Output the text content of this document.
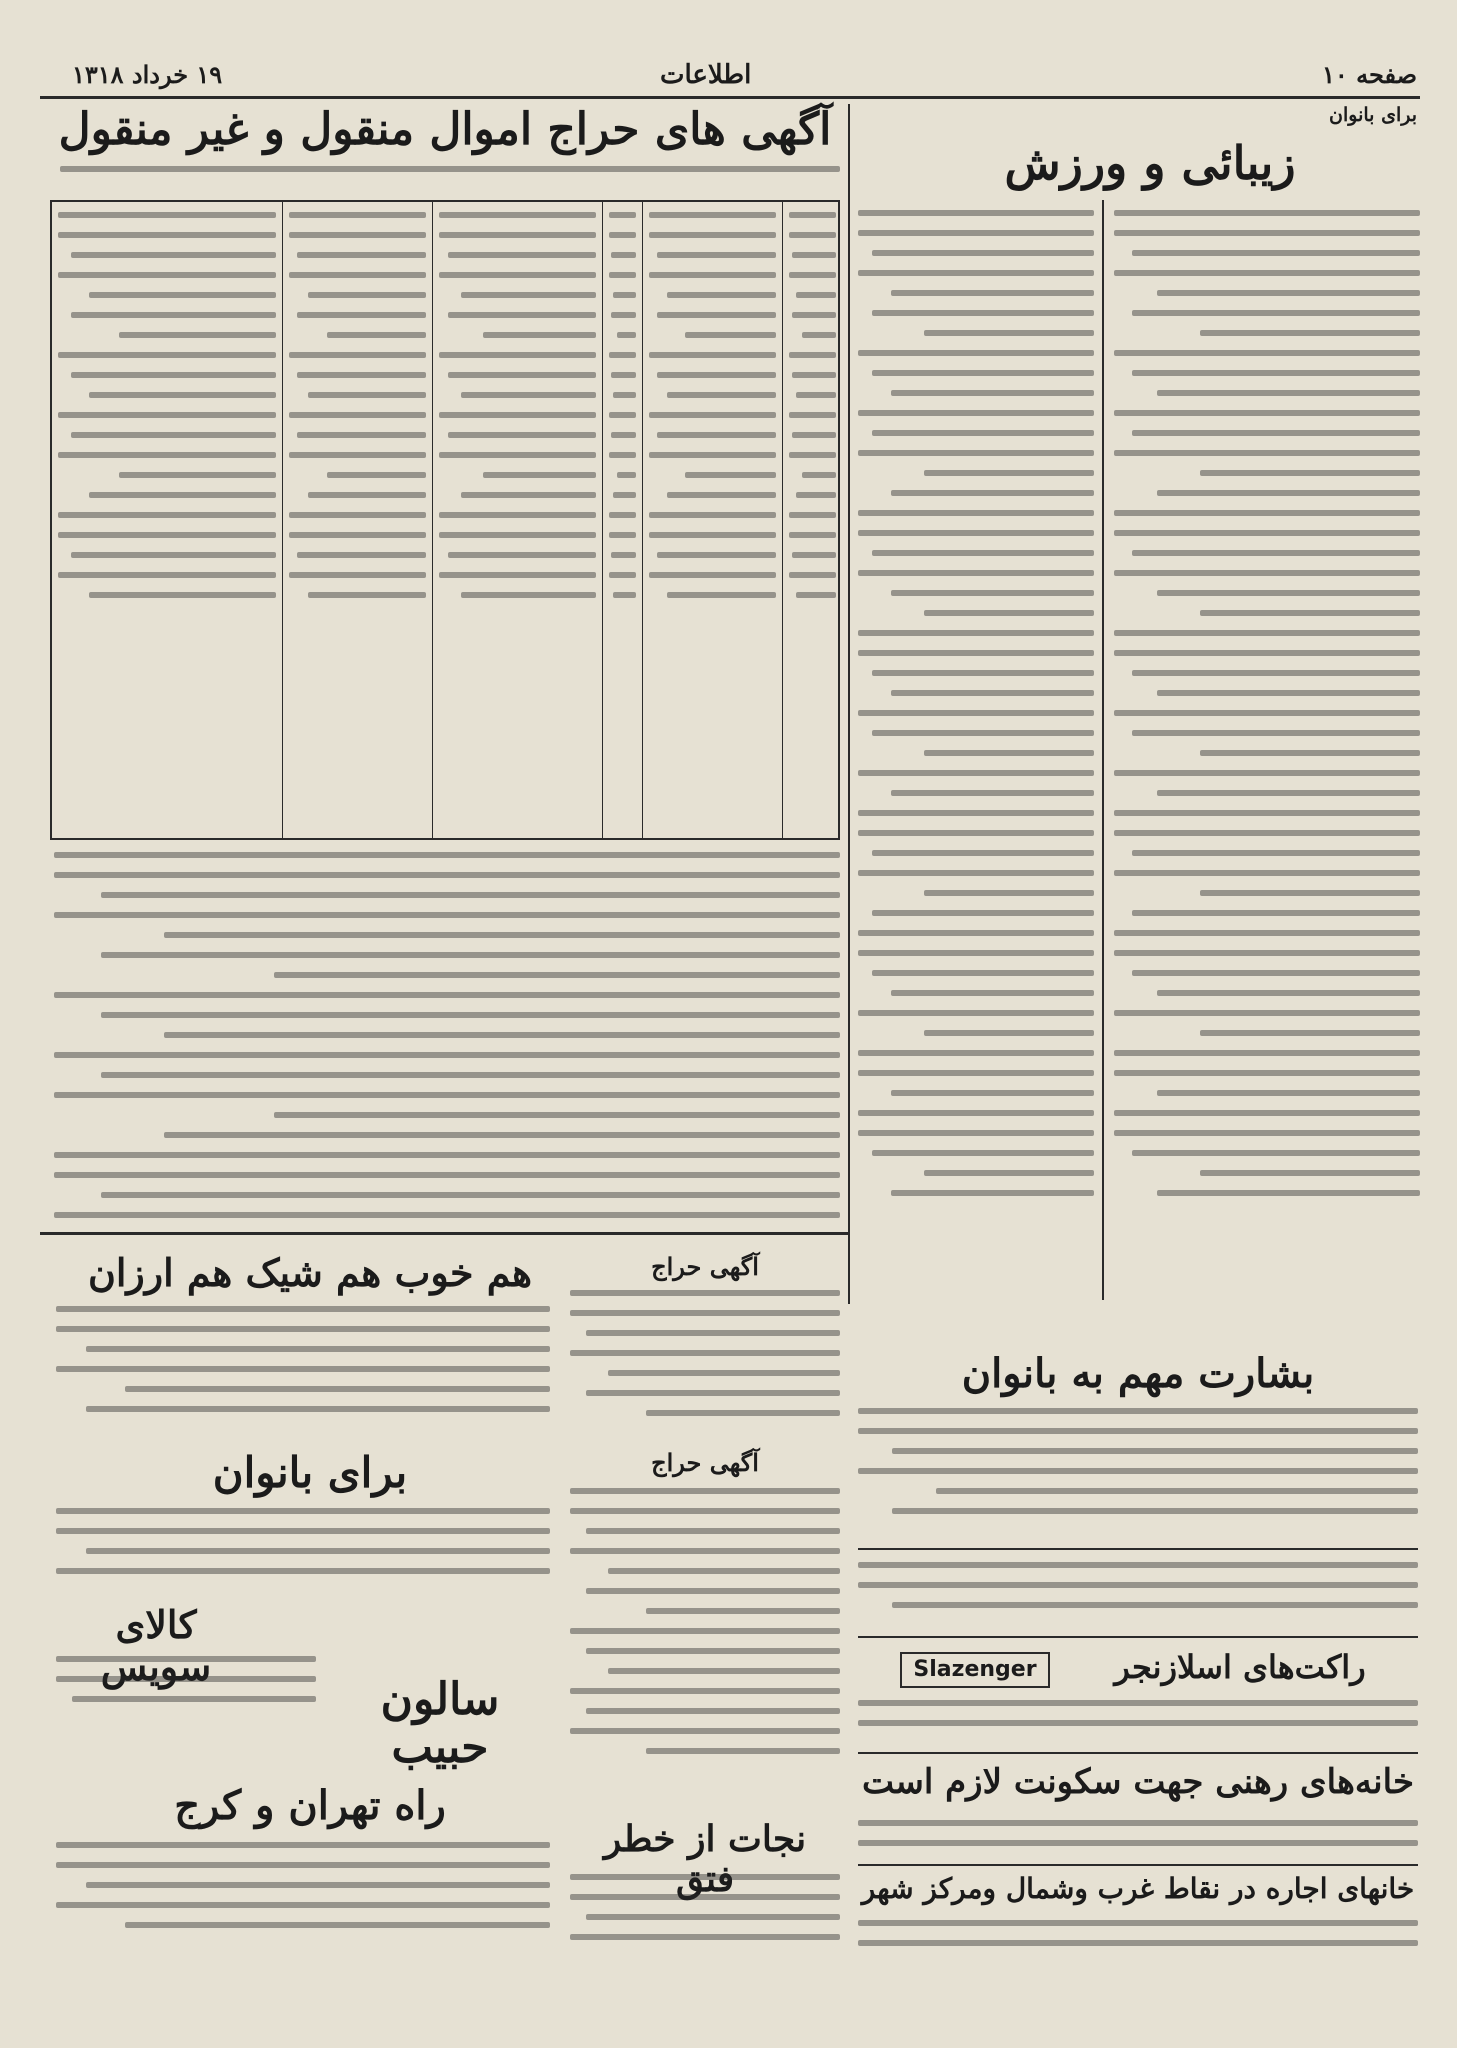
صفحه ۱۰
اطلاعات
۱۹ خرداد ۱۳۱۸
برای بانوان
زیبائی و ورزش
آگهی های حراج اموال منقول و غیر منقول
هم خوب هم شیک هم ارزان
برای بانوان
کالای سویس
سالون حبیب
راه تهران و کرج
آگهی حراج
آگهی حراج
نجات از خطر فتق
بشارت مهم به بانوان
راکت‌های اسلازنجر
Slazenger
خانه‌های رهنی جهت سکونت لازم است
خانهای اجاره در نقاط غرب وشمال ومرکز شهر
